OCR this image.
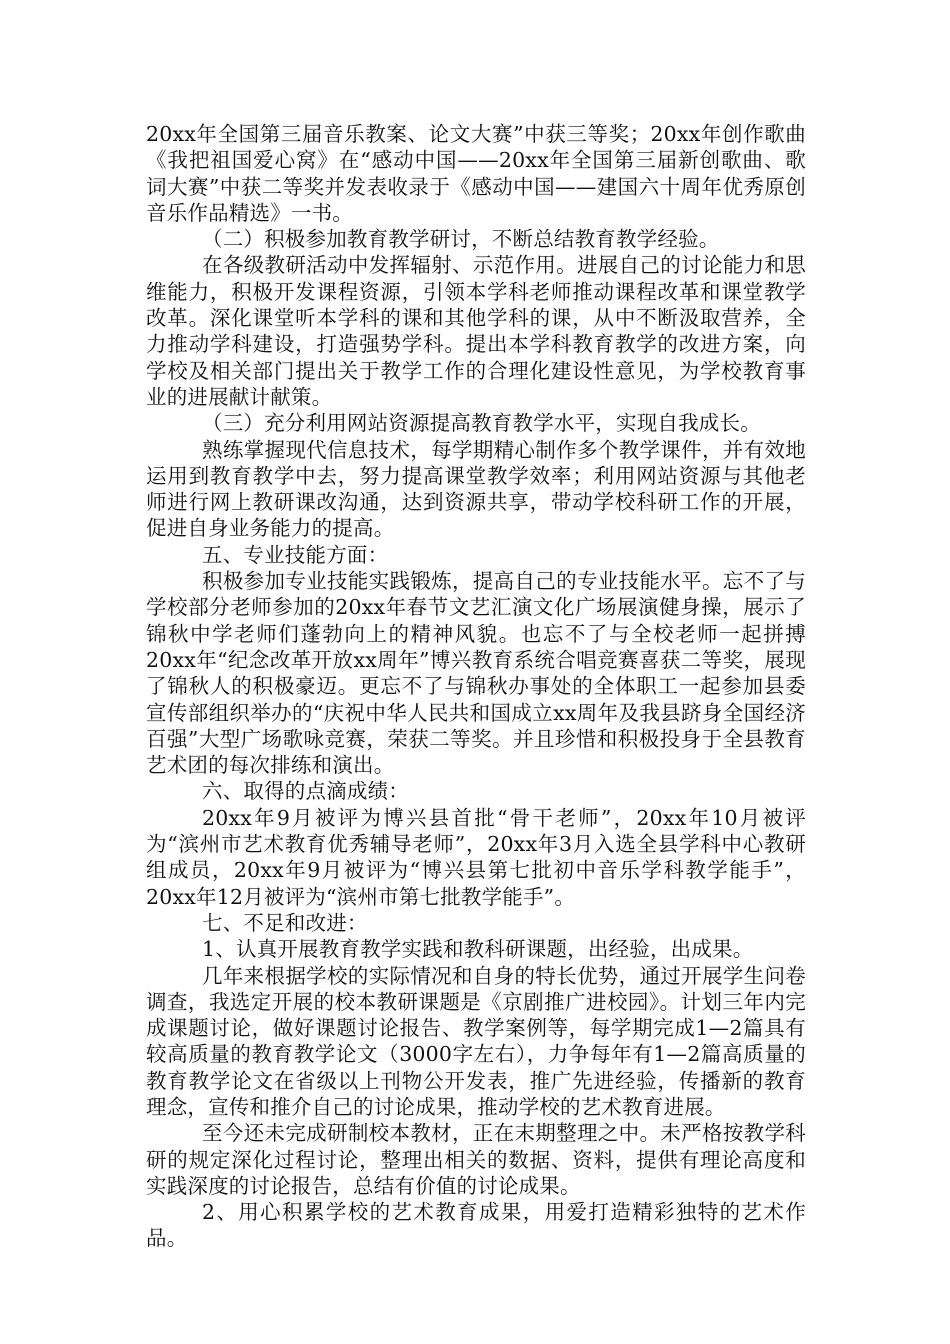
20xx年全国第三届音乐教案、论文大赛”中获三等奖；20xx年创作歌曲《我把祖国爱心窝》在“感动中国——20xx年全国第三届新创歌曲、歌词大赛”中获二等奖并发表收录于《感动中国——建国六十周年优秀原创音乐作品精选》一书。

（二）积极参加教育教学研讨，不断总结教育教学经验。

在各级教研活动中发挥辐射、示范作用。进展自己的讨论能力和思维能力，积极开发课程资源，引领本学科老师推动课程改革和课堂教学改革。深化课堂听本学科的课和其他学科的课，从中不断汲取营养，全力推动学科建设，打造强势学科。提出本学科教育教学的改进方案，向学校及相关部门提出关于教学工作的合理化建设性意见，为学校教育事业的进展献计献策。

（三）充分利用网站资源提高教育教学水平，实现自我成长。

熟练掌握现代信息技术，每学期精心制作多个教学课件，并有效地运用到教育教学中去，努力提高课堂教学效率；利用网站资源与其他老师进行网上教研课改沟通，达到资源共享，带动学校科研工作的开展，促进自身业务能力的提高。

五、专业技能方面：

积极参加专业技能实践锻炼，提高自己的专业技能水平。忘不了与学校部分老师参加的20xx年春节文艺汇演文化广场展演健身操，展示了锦秋中学老师们蓬勃向上的精神风貌。也忘不了与全校老师一起拼搏20xx年“纪念改革开放xx周年”博兴教育系统合唱竞赛喜获二等奖，展现了锦秋人的积极豪迈。更忘不了与锦秋办事处的全体职工一起参加县委宣传部组织举办的“庆祝中华人民共和国成立xx周年及我县跻身全国经济百强”大型广场歌咏竞赛，荣获二等奖。并且珍惜和积极投身于全县教育艺术团的每次排练和演出。

六、取得的点滴成绩：

20xx年9月被评为博兴县首批“骨干老师”，20xx年10月被评为“滨州市艺术教育优秀辅导老师”，20xx年3月入选全县学科中心教研组成员，20xx年9月被评为“博兴县第七批初中音乐学科教学能手”，20xx年12月被评为“滨州市第七批教学能手”。

七、不足和改进：

1、认真开展教育教学实践和教科研课题，出经验，出成果。

几年来根据学校的实际情况和自身的特长优势，通过开展学生问卷调查，我选定开展的校本教研课题是《京剧推广进校园》。计划三年内完成课题讨论，做好课题讨论报告、教学案例等，每学期完成1—2篇具有较高质量的教育教学论文（3000字左右），力争每年有1—2篇高质量的教育教学论文在省级以上刊物公开发表，推广先进经验，传播新的教育理念，宣传和推介自己的讨论成果，推动学校的艺术教育进展。

至今还未完成研制校本教材，正在末期整理之中。未严格按教学科研的规定深化过程讨论，整理出相关的数据、资料，提供有理论高度和实践深度的讨论报告，总结有价值的讨论成果。

2、用心积累学校的艺术教育成果，用爱打造精彩独特的艺术作品。
